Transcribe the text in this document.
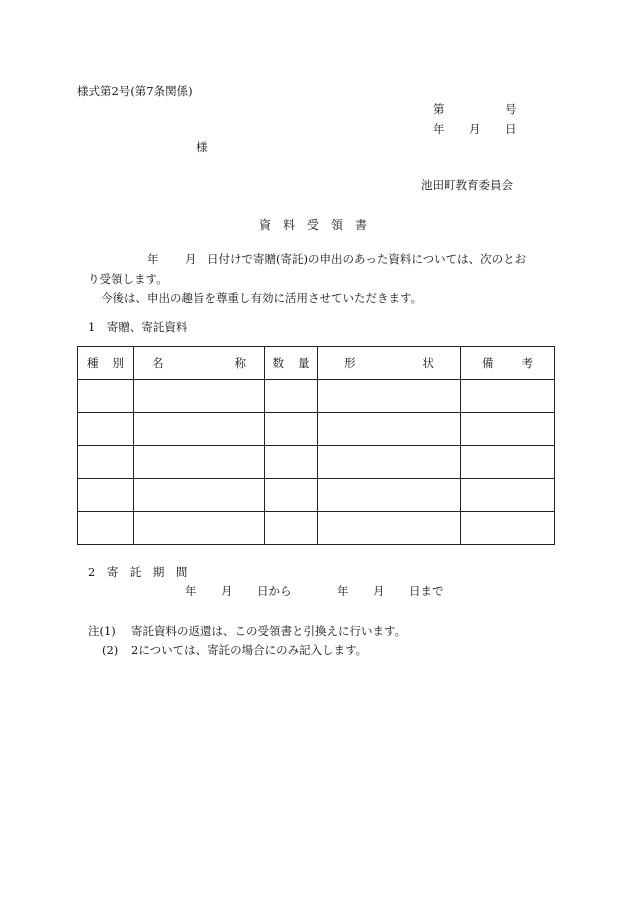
様式第2号(第7条関係)
第	号
年 月 日
様
池田町教育委員会
資　料　受　領　書
年 月 日付けで寄贈(寄託)の申出のあった資料については、次のとお
り受領します。
今後は、申出の趣旨を尊重し有効に活用させていただきます。
1　寄贈、寄託資料
種 別	名 称	数 量	形 状	備 考

2　寄　託　期　間
年 月 日から	年 月 日まで
注(1) 寄託資料の返還は、この受領書と引換えに行います。
(2) 2については、寄託の場合にのみ記入します。
